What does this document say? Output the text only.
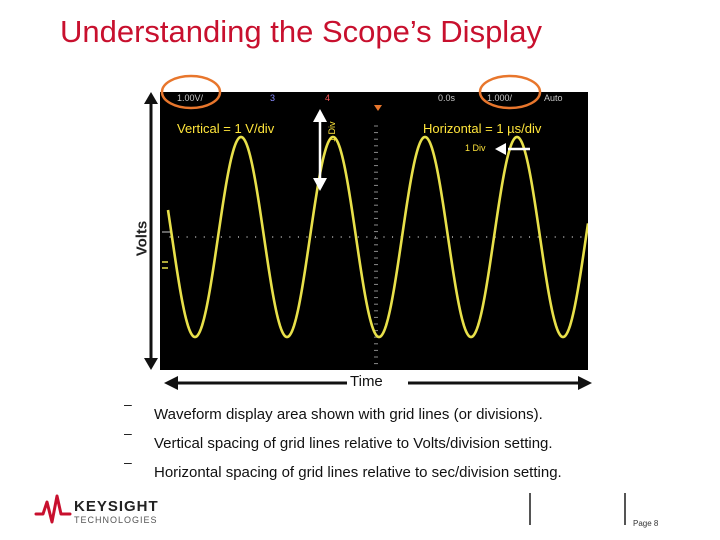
Understanding the Scope’s Display
1.00V/	3	4	0.0s	1.000/	Auto
Vertical = 1 V/div	Horizontal = 1 µs/div
1 Div
1 Div
Volts
Time
–
Waveform display area shown with grid lines (or divisions).
–
Vertical spacing of grid lines relative to Volts/division setting.
–
Horizontal spacing of grid lines relative to sec/division setting.
KEYSIGHT
TECHNOLOGIES	Page 8
